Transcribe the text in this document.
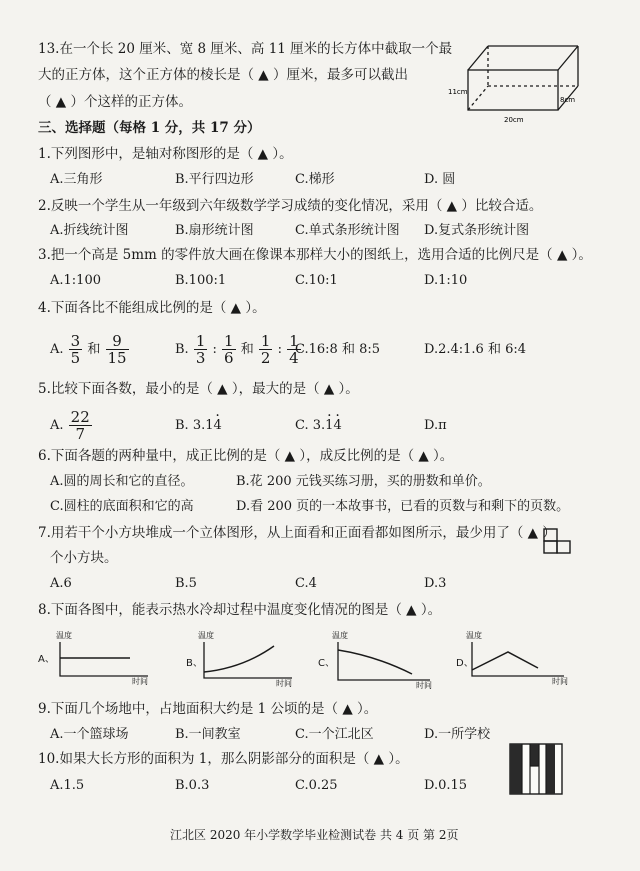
13.在一个长 20 厘米、宽 8 厘米、高 11 厘米的长方体中截取一个最
大的正方体，这个正方体的棱长是（ ▲ ）厘米，最多可以截出
（ ▲ ）个这样的正方体。
11cm
20cm
8cm
三、选择题（每格 1 分，共 17 分）
1.下列图形中，是轴对称图形的是（ ▲ ）。
A.三角形	B.平行四边形	C.梯形	D. 圆
2.反映一个学生从一年级到六年级数学学习成绩的变化情况，采用（ ▲ ）比较合适。
A.折线统计图	B.扇形统计图	C.单式条形统计图 D.复式条形统计图
3.把一个高是 5mm 的零件放大画在像课本那样大小的图纸上，选用合适的比例尺是（ ▲ ）。
A.1:100	B.100:1	C.10:1	D.1:10
4.下面各比不能组成比例的是（ ▲ ）。
A. $\frac{3}{5}$ 和 $\frac{9}{15}$	B. $\frac{1}{3}$ : $\frac{1}{6}$ 和 $\frac{1}{2}$ : $\frac{1}{4}$
C.16:8 和 8:5	D.2.4:1.6 和 6:4
5.比较下面各数，最小的是（ ▲ ），最大的是（ ▲ ）。
A. $\frac{22}{7}$	B. 3.14 ·	C. 3.1 ·4 ·	D.π
6.下面各题的两种量中，成正比例的是（ ▲ ），成反比例的是（ ▲ ）。
A.圆的周长和它的直径。	B.花 200 元钱买练习册，买的册数和单价。
C.圆柱的底面积和它的高	D.看 200 页的一本故事书，已看的页数与和剩下的页数。
7.用若干个小方块堆成一个立体图形，从上面看和正面看都如图所示，最少用了（ ▲ ）
个小方块。
A.6	B.5	C.4	D.3
8.下面各图中，能表示热水冷却过程中温度变化情况的图是（ ▲ ）。
A、
温度
时间
B、
温度
时间
C、
温度
时间
D、
温度
时间
9.下面几个场地中，占地面积大约是 1 公顷的是（ ▲ ）。
A.一个篮球场	B.一间教室	C.一个江北区	D.一所学校
10.如果大长方形的面积为 1，那么阴影部分的面积是（ ▲ ）。
A.1.5	B.0.3	C.0.25	D.0.15
江北区 2020 年小学数学毕业检测试卷 共 4 页 第 2页
